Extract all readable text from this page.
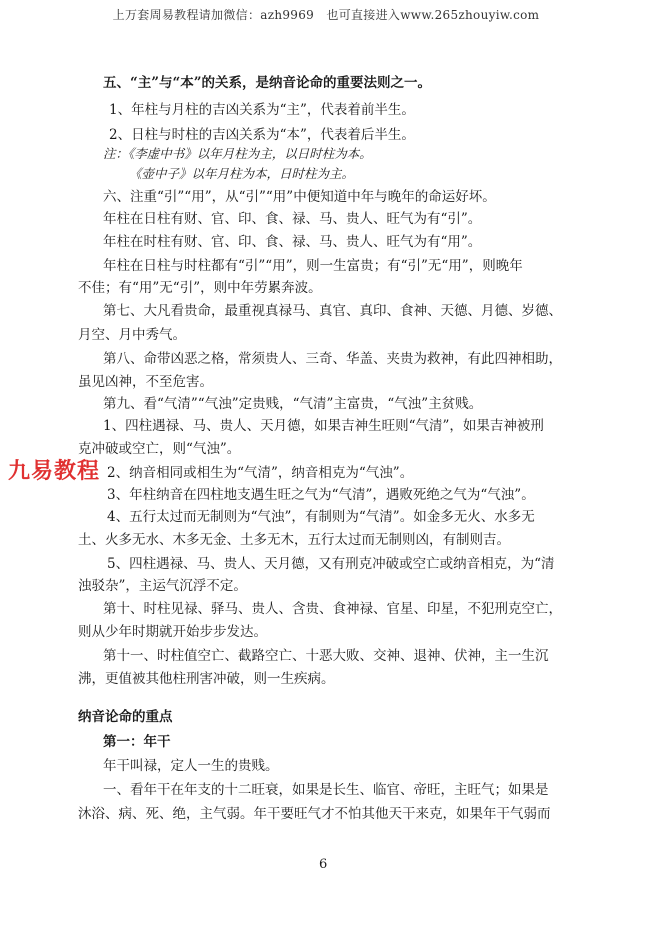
上万套周易教程请加微信：azh9969　也可直接进入www.265zhouyiw.com
五、“主”与“本”的关系，是纳音论命的重要法则之一。
1、年柱与月柱的吉凶关系为“主”，代表着前半生。
2、日柱与时柱的吉凶关系为“本”，代表着后半生。
注：《李虚中书》以年月柱为主，以日时柱为本。
《壶中子》以年月柱为本，日时柱为主。
六、注重“引”“用”，从“引”“用”中便知道中年与晚年的命运好坏。
年柱在日柱有财、官、印、食、禄、马、贵人、旺气为有“引”。
年柱在时柱有财、官、印、食、禄、马、贵人、旺气为有“用”。
年柱在日柱与时柱都有“引”“用”，则一生富贵；有“引”无“用”，则晚年
不佳；有“用”无“引”，则中年劳累奔波。
第七、大凡看贵命，最重视真禄马、真官、真印、食神、天德、月德、岁德、
月空、月中秀气。
第八、命带凶恶之格，常须贵人、三奇、华盖、夹贵为救神，有此四神相助，
虽见凶神，不至危害。
第九、看“气清”“气浊”定贵贱，“气清”主富贵，“气浊”主贫贱。
1、四柱遇禄、马、贵人、天月德，如果吉神生旺则“气清”，如果吉神被刑
克冲破或空亡，则“气浊”。
2、纳音相同或相生为“气清”，纳音相克为“气浊”。
3、年柱纳音在四柱地支遇生旺之气为“气清”，遇败死绝之气为“气浊”。
4、五行太过而无制则为“气浊”，有制则为“气清”。如金多无火、水多无
土、火多无水、木多无金、土多无木，五行太过而无制则凶，有制则吉。
5、四柱遇禄、马、贵人、天月德，又有刑克冲破或空亡或纳音相克，为“清
浊驳杂”，主运气沉浮不定。
第十、时柱见禄、驿马、贵人、含贵、食神禄、官星、印星，不犯刑克空亡，
则从少年时期就开始步步发达。
第十一、时柱值空亡、截路空亡、十恶大败、交神、退神、伏神，主一生沉
沸，更值被其他柱刑害冲破，则一生疾病。
纳音论命的重点
第一：年干
年干叫禄，定人一生的贵贱。
一、看年干在年支的十二旺衰，如果是长生、临官、帝旺，主旺气；如果是
沐浴、病、死、绝，主气弱。年干要旺气才不怕其他天干来克，如果年干气弱而
九易教程
6
